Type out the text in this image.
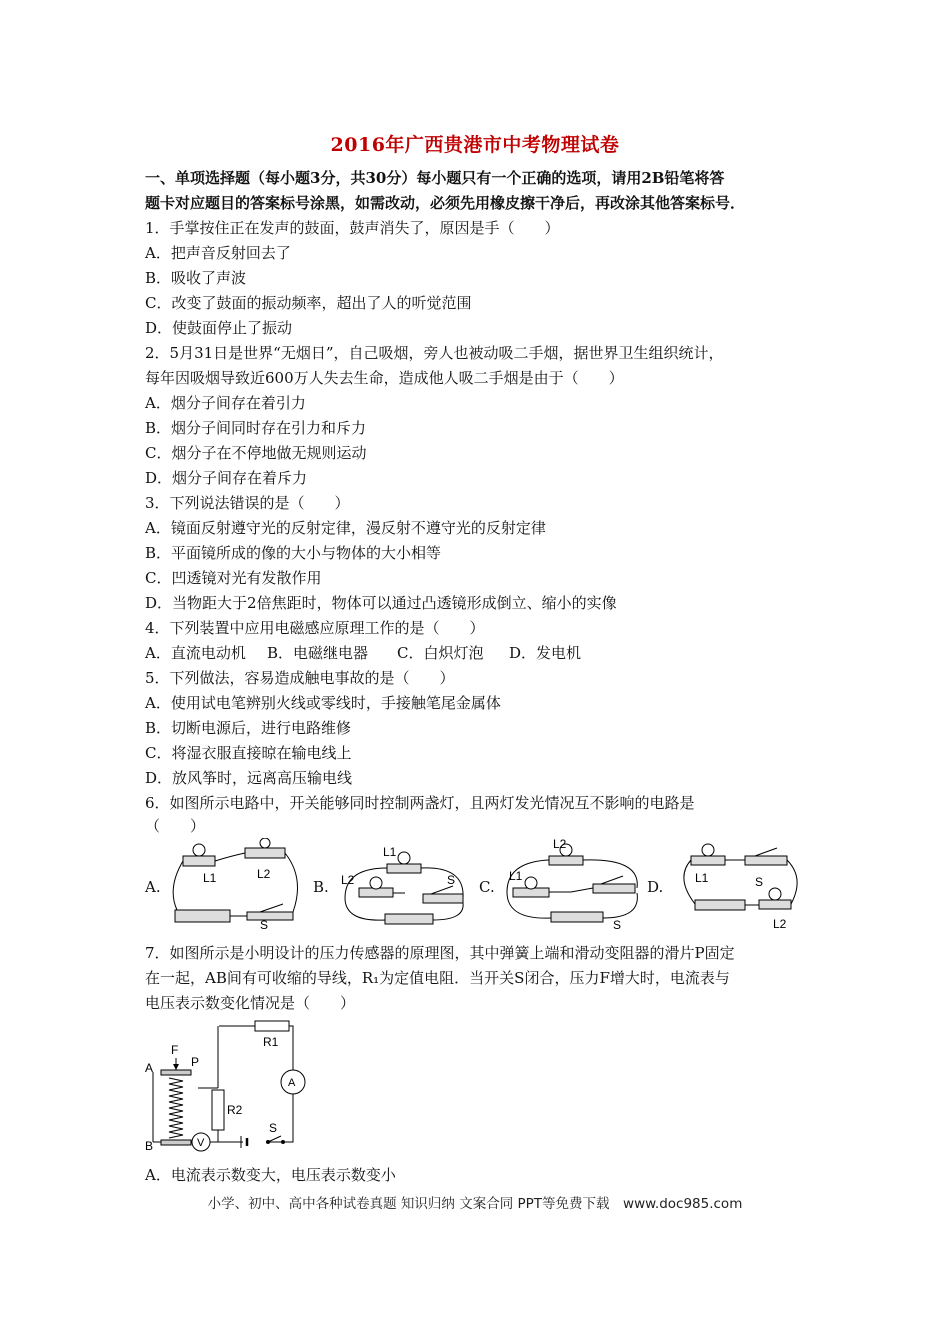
2016年广西贵港市中考物理试卷
一、单项选择题（每小题3分，共30分）每小题只有一个正确的选项，请用2B铅笔将答
题卡对应题目的答案标号涂黑，如需改动，必须先用橡皮擦干净后，再改涂其他答案标号．
1．手掌按住正在发声的鼓面，鼓声消失了，原因是手（　　）
A．把声音反射回去了
B．吸收了声波
C．改变了鼓面的振动频率，超出了人的听觉范围
D．使鼓面停止了振动
2．5月31日是世界“无烟日”，自己吸烟，旁人也被动吸二手烟，据世界卫生组织统计，
每年因吸烟导致近600万人失去生命，造成他人吸二手烟是由于（　　）
A．烟分子间存在着引力
B．烟分子间同时存在引力和斥力
C．烟分子在不停地做无规则运动
D．烟分子间存在着斥力
3．下列说法错误的是（　　）
A．镜面反射遵守光的反射定律，漫反射不遵守光的反射定律
B．平面镜所成的像的大小与物体的大小相等
C．凹透镜对光有发散作用
D．当物距大于2倍焦距时，物体可以通过凸透镜形成倒立、缩小的实像
4．下列装置中应用电磁感应原理工作的是（　　）
A．直流电动机 B．电磁继电器 C．白炽灯泡 D．发电机
5．下列做法，容易造成触电事故的是（　　）
A．使用试电笔辨别火线或零线时，手接触笔尾金属体
B．切断电源后，进行电路维修
C．将湿衣服直接晾在输电线上
D．放风筝时，远离高压输电线
6．如图所示电路中，开关能够同时控制两盏灯，且两灯发光情况互不影响的电路是
（　　）
A.	L1	L2
S
B.
L1
L2	S C.
L2
L1
S
D.	L1	S
L2
7．如图所示是小明设计的压力传感器的原理图，其中弹簧上端和滑动变阻器的滑片P固定
在一起，AB间有可收缩的导线，R₁为定值电阻．当开关S闭合，压力F增大时，电流表与
电压表示数变化情况是（　　）
F
P
A
B
R1
R2
A
V
S
A．电流表示数变大，电压表示数变小
小学、初中、高中各种试卷真题 知识归纳 文案合同 PPT等免费下载　www.doc985.com
